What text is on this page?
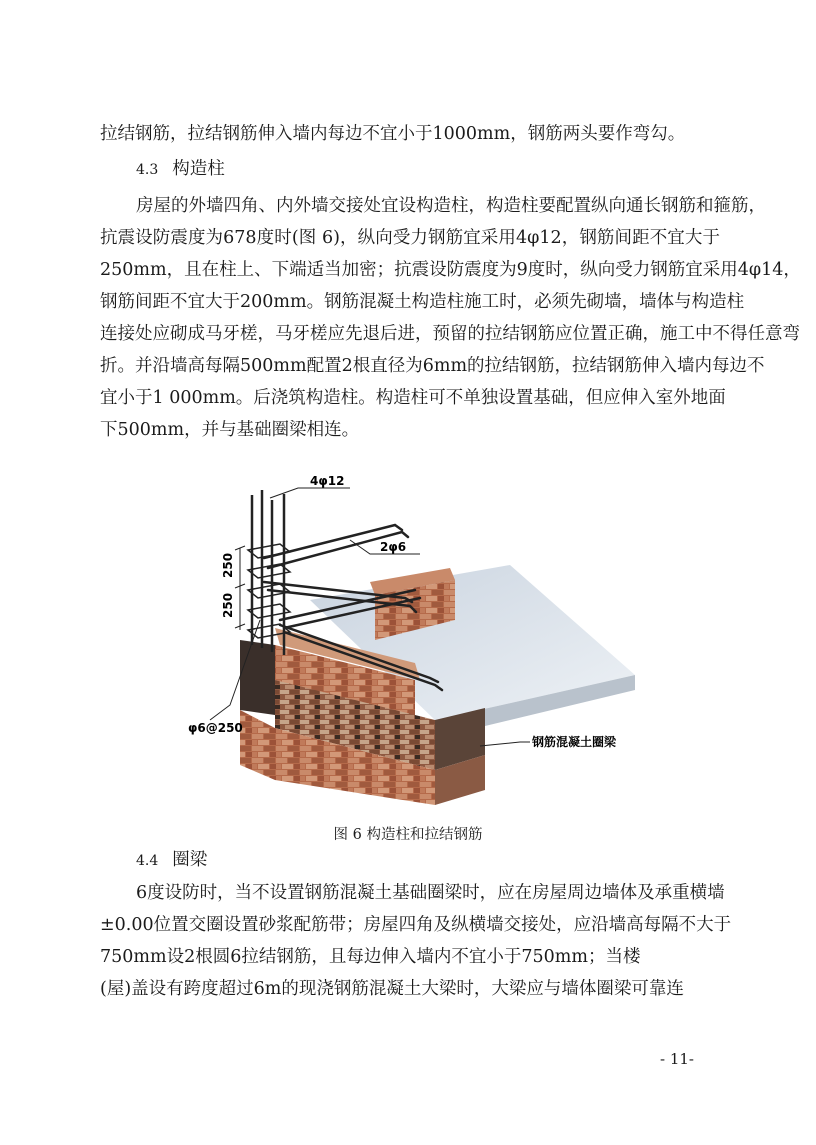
拉结钢筋，拉结钢筋伸入墙内每边不宜小于1000mm，钢筋两头要作弯勾。
4.3 构造柱
房屋的外墙四角、内外墙交接处宜设构造柱，构造柱要配置纵向通长钢筋和箍筋，
抗震设防震度为678度时(图 6)，纵向受力钢筋宜采用4φ12，钢筋间距不宜大于
250mm，且在柱上、下端适当加密；抗震设防震度为9度时，纵向受力钢筋宜采用4φ14，
钢筋间距不宜大于200mm。钢筋混凝土构造柱施工时，必须先砌墙，墙体与构造柱
连接处应砌成马牙槎，马牙槎应先退后进，预留的拉结钢筋应位置正确，施工中不得任意弯
折。并沿墙高每隔500mm配置2根直径为6mm的拉结钢筋，拉结钢筋伸入墙内每边不
宜小于1 000mm。后浇筑构造柱。构造柱可不单独设置基础，但应伸入室外地面
下500mm，并与基础圈梁相连。
250
250
4φ12
2φ6
φ6@250
钢筋混凝土圈梁
图 6 构造柱和拉结钢筋
4.4 圈梁
6度设防时，当不设置钢筋混凝土基础圈梁时，应在房屋周边墙体及承重横墙
±0.00位置交圈设置砂浆配筋带；房屋四角及纵横墙交接处，应沿墙高每隔不大于
750mm设2根圆6拉结钢筋，且每边伸入墙内不宜小于750mm；当楼
(屋)盖设有跨度超过6m的现浇钢筋混凝土大梁时，大梁应与墙体圈梁可靠连
- 11-
